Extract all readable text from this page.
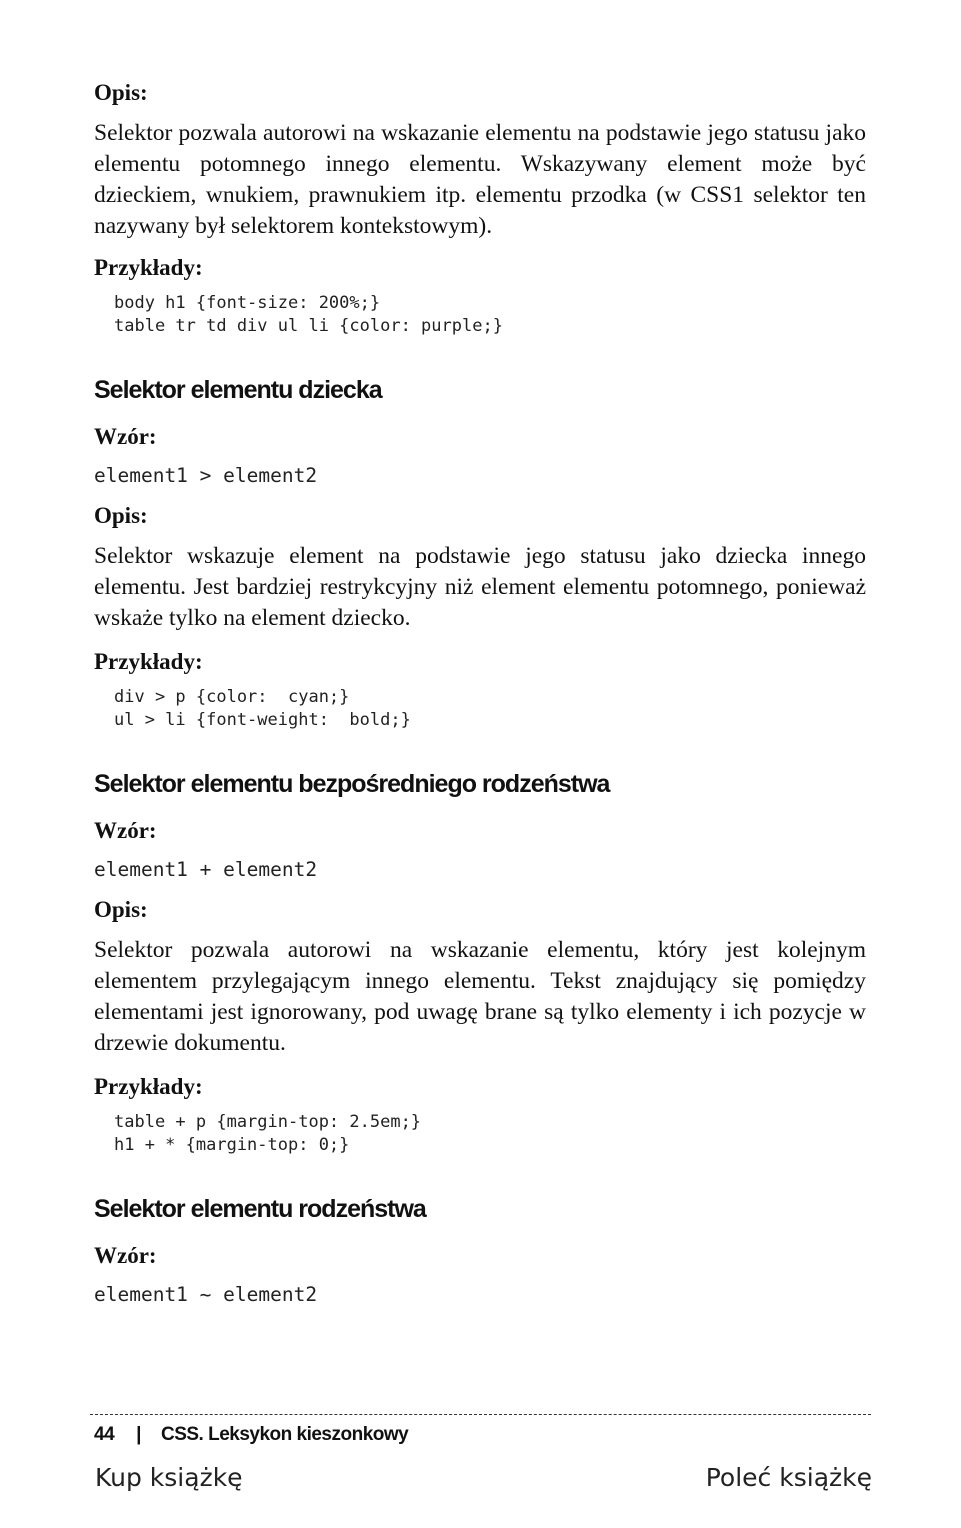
Opis:

Selektor pozwala autorowi na wskazanie elementu na podstawie jego statusu jako elementu potomnego innego elementu. Wskazywany element może być dzieckiem, wnukiem, prawnukiem itp. elementu przodka (w CSS1 selektor ten nazywany był selektorem kontekstowym).

Przykłady:

body h1 {font-size: 200%;}
table tr td div ul li {color: purple;}
Selektor elementu dziecka

Wzór:

element1 > element2

Opis:

Selektor wskazuje element na podstawie jego statusu jako dziecka innego elementu. Jest bardziej restrykcyjny niż element elementu potomnego, ponieważ wskaże tylko na element dziecko.

Przykłady:

div > p {color:  cyan;}
ul > li {font-weight:  bold;}
Selektor elementu bezpośredniego rodzeństwa

Wzór:

element1 + element2

Opis:

Selektor pozwala autorowi na wskazanie elementu, który jest kolejnym elementem przylegającym innego elementu. Tekst znajdujący się pomiędzy elementami jest ignorowany, pod uwagę brane są tylko elementy i ich pozycje w drzewie dokumentu.

Przykłady:

table + p {margin-top: 2.5em;}
h1 + * {margin-top: 0;}
Selektor elementu rodzeństwa

Wzór:

element1 ~ element2
44 | CSS. Leksykon kieszonkowy
Kup książkę	Poleć książkę
